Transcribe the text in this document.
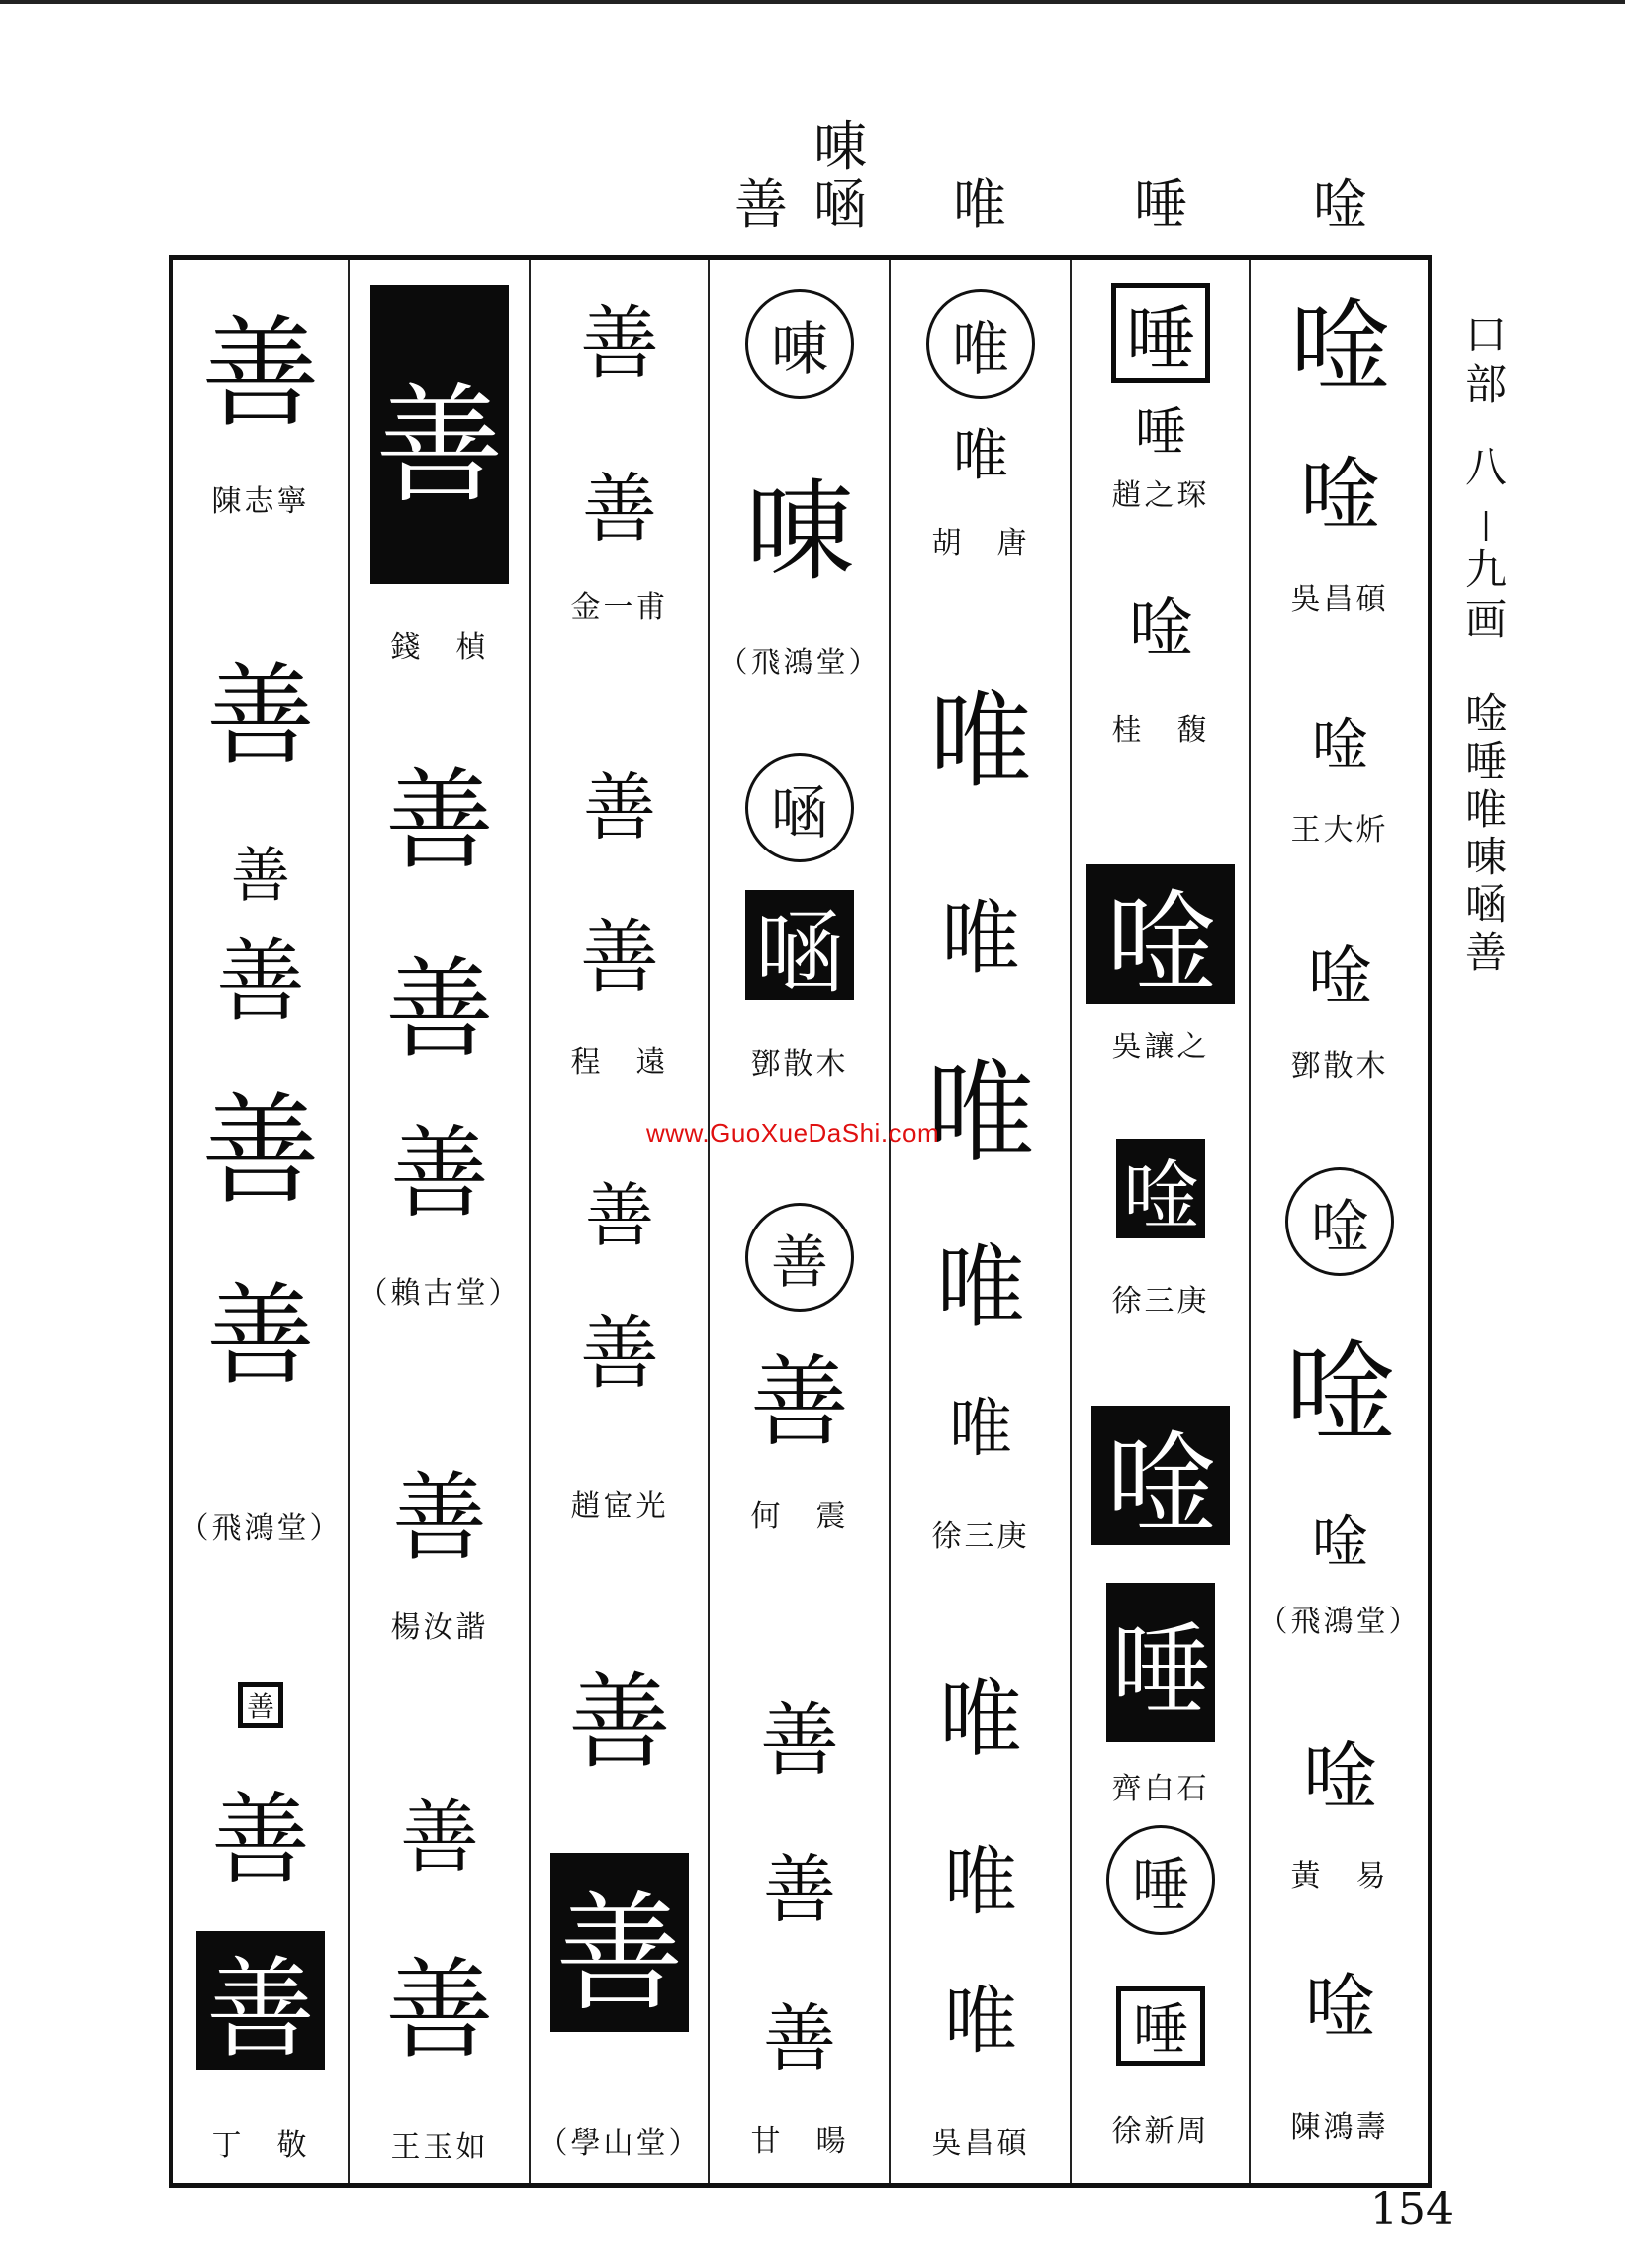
㖦
善 㖤 唯 唾 唫
口部
八
|
九画
唫
唾
唯
㖦
㖤
善
善
陳志寧
善
善
善
善
善
（飛鴻堂）
善
善
善
丁　敬
善
錢　楨
善
善
善
（賴古堂）
善
楊汝諧
善
善
王玉如
善
善
金一甫
善
善
程　遠
善
善
趙宧光
善
善
（學山堂）
㖦
㖦
（飛鴻堂）
㖤
㖤
鄧散木
善
善
何　震
善
善
善
甘　暘
唯
唯
胡　唐
唯
唯
唯
唯
唯
徐三庚
唯
唯
唯
吳昌碩
唾
唾
趙之琛
唫
桂　馥
唫
吳讓之
唫
徐三庚
唫
唾
齊白石
唾
唾
徐新周
唫
唫
吳昌碩
唫
王大炘
唫
鄧散木
唫
唫
唫
（飛鴻堂）
唫
黃　易
唫
陳鴻壽
www.GuoXueDaShi.com
154
